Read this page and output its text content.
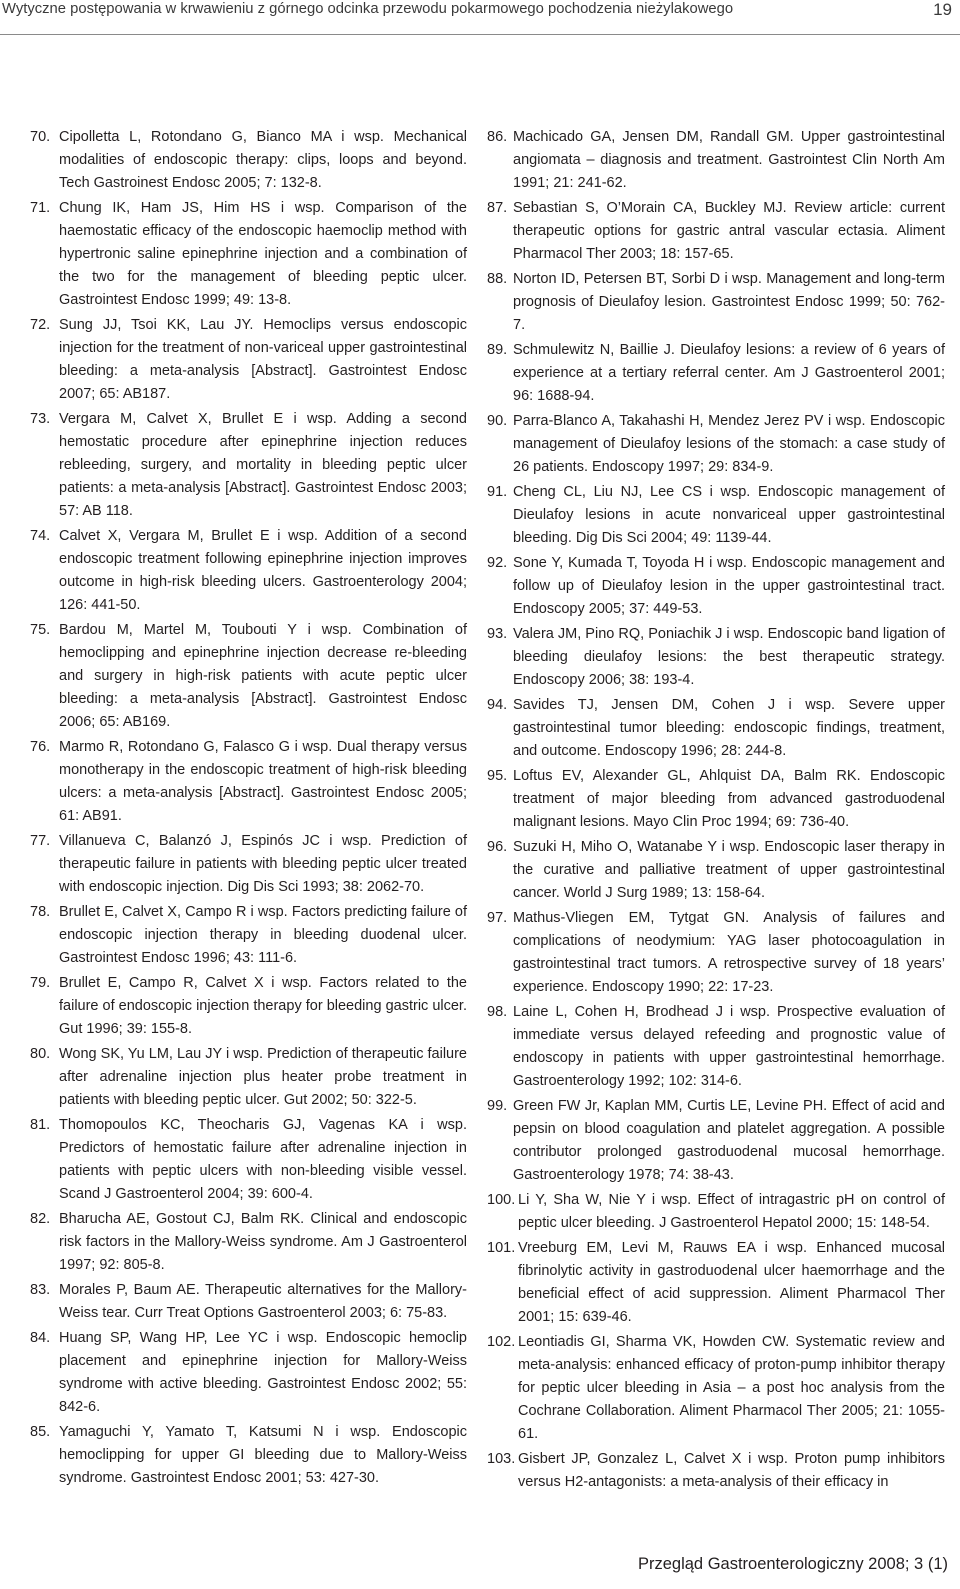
Wytyczne postępowania w krwawieniu z górnego odcinka przewodu pokarmowego pochodzenia nieżylakowego	19
70. Cipolletta L, Rotondano G, Bianco MA i wsp. Mechanical modalities of endoscopic therapy: clips, loops and beyond. Tech Gastroinest Endosc 2005; 7: 132-8.
71. Chung IK, Ham JS, Him HS i wsp. Comparison of the haemostatic efficacy of the endoscopic haemoclip method with hypertronic saline epinephrine injection and a combination of the two for the management of bleeding peptic ulcer. Gastrointest Endosc 1999; 49: 13-8.
72. Sung JJ, Tsoi KK, Lau JY. Hemoclips versus endoscopic injection for the treatment of non-variceal upper gastrointestinal bleeding: a meta-analysis [Abstract]. Gastrointest Endosc 2007; 65: AB187.
73. Vergara M, Calvet X, Brullet E i wsp. Adding a second hemostatic procedure after epinephrine injection reduces rebleeding, surgery, and mortality in bleeding peptic ulcer patients: a meta-analysis [Abstract]. Gastrointest Endosc 2003; 57: AB 118.
74. Calvet X, Vergara M, Brullet E i wsp. Addition of a second endoscopic treatment following epinephrine injection improves outcome in high-risk bleeding ulcers. Gastroenterology 2004; 126: 441-50.
75. Bardou M, Martel M, Toubouti Y i wsp. Combination of hemoclipping and epinephrine injection decrease re-bleeding and surgery in high-risk patients with acute peptic ulcer bleeding: a meta-analysis [Abstract]. Gastrointest Endosc 2006; 65: AB169.
76. Marmo R, Rotondano G, Falasco G i wsp. Dual therapy versus monotherapy in the endoscopic treatment of high-risk bleeding ulcers: a meta-analysis [Abstract]. Gastrointest Endosc 2005; 61: AB91.
77. Villanueva C, Balanzó J, Espinós JC i wsp. Prediction of therapeutic failure in patients with bleeding peptic ulcer treated with endoscopic injection. Dig Dis Sci 1993; 38: 2062-70.
78. Brullet E, Calvet X, Campo R i wsp. Factors predicting failure of endoscopic injection therapy in bleeding duodenal ulcer. Gastrointest Endosc 1996; 43: 111-6.
79. Brullet E, Campo R, Calvet X i wsp. Factors related to the failure of endoscopic injection therapy for bleeding gastric ulcer. Gut 1996; 39: 155-8.
80. Wong SK, Yu LM, Lau JY i wsp. Prediction of therapeutic failure after adrenaline injection plus heater probe treatment in patients with bleeding peptic ulcer. Gut 2002; 50: 322-5.
81. Thomopoulos KC, Theocharis GJ, Vagenas KA i wsp. Predictors of hemostatic failure after adrenaline injection in patients with peptic ulcers with non-bleeding visible vessel. Scand J Gastroenterol 2004; 39: 600-4.
82. Bharucha AE, Gostout CJ, Balm RK. Clinical and endoscopic risk factors in the Mallory-Weiss syndrome. Am J Gastroenterol 1997; 92: 805-8.
83. Morales P, Baum AE. Therapeutic alternatives for the Mallory-Weiss tear. Curr Treat Options Gastroenterol 2003; 6: 75-83.
84. Huang SP, Wang HP, Lee YC i wsp. Endoscopic hemoclip placement and epinephrine injection for Mallory-Weiss syndrome with active bleeding. Gastrointest Endosc 2002; 55: 842-6.
85. Yamaguchi Y, Yamato T, Katsumi N i wsp. Endoscopic hemoclipping for upper GI bleeding due to Mallory-Weiss syndrome. Gastrointest Endosc 2001; 53: 427-30.
86. Machicado GA, Jensen DM, Randall GM. Upper gastrointestinal angiomata – diagnosis and treatment. Gastrointest Clin North Am 1991; 21: 241-62.
87. Sebastian S, O’Morain CA, Buckley MJ. Review article: current therapeutic options for gastric antral vascular ectasia. Aliment Pharmacol Ther 2003; 18: 157-65.
88. Norton ID, Petersen BT, Sorbi D i wsp. Management and long-term prognosis of Dieulafoy lesion. Gastrointest Endosc 1999; 50: 762-7.
89. Schmulewitz N, Baillie J. Dieulafoy lesions: a review of 6 years of experience at a tertiary referral center. Am J Gastroenterol 2001; 96: 1688-94.
90. Parra-Blanco A, Takahashi H, Mendez Jerez PV i wsp. Endoscopic management of Dieulafoy lesions of the stomach: a case study of 26 patients. Endoscopy 1997; 29: 834-9.
91. Cheng CL, Liu NJ, Lee CS i wsp. Endoscopic management of Dieulafoy lesions in acute nonvariceal upper gastrointestinal bleeding. Dig Dis Sci 2004; 49: 1139-44.
92. Sone Y, Kumada T, Toyoda H i wsp. Endoscopic management and follow up of Dieulafoy lesion in the upper gastrointestinal tract. Endoscopy 2005; 37: 449-53.
93. Valera JM, Pino RQ, Poniachik J i wsp. Endoscopic band ligation of bleeding dieulafoy lesions: the best therapeutic strategy. Endoscopy 2006; 38: 193-4.
94. Savides TJ, Jensen DM, Cohen J i wsp. Severe upper gastrointestinal tumor bleeding: endoscopic findings, treatment, and outcome. Endoscopy 1996; 28: 244-8.
95. Loftus EV, Alexander GL, Ahlquist DA, Balm RK. Endoscopic treatment of major bleeding from advanced gastroduodenal malignant lesions. Mayo Clin Proc 1994; 69: 736-40.
96. Suzuki H, Miho O, Watanabe Y i wsp. Endoscopic laser therapy in the curative and palliative treatment of upper gastrointestinal cancer. World J Surg 1989; 13: 158-64.
97. Mathus-Vliegen EM, Tytgat GN. Analysis of failures and complications of neodymium: YAG laser photocoagulation in gastrointestinal tract tumors. A retrospective survey of 18 years’ experience. Endoscopy 1990; 22: 17-23.
98. Laine L, Cohen H, Brodhead J i wsp. Prospective evaluation of immediate versus delayed refeeding and prognostic value of endoscopy in patients with upper gastrointestinal hemorrhage. Gastroenterology 1992; 102: 314-6.
99. Green FW Jr, Kaplan MM, Curtis LE, Levine PH. Effect of acid and pepsin on blood coagulation and platelet aggregation. A possible contributor prolonged gastroduodenal mucosal hemorrhage. Gastroenterology 1978; 74: 38-43.
100. Li Y, Sha W, Nie Y i wsp. Effect of intragastric pH on control of peptic ulcer bleeding. J Gastroenterol Hepatol 2000; 15: 148-54.
101. Vreeburg EM, Levi M, Rauws EA i wsp. Enhanced mucosal fibrinolytic activity in gastroduodenal ulcer haemorrhage and the beneficial effect of acid suppression. Aliment Pharmacol Ther 2001; 15: 639-46.
102. Leontiadis GI, Sharma VK, Howden CW. Systematic review and meta-analysis: enhanced efficacy of proton-pump inhibitor therapy for peptic ulcer bleeding in Asia – a post hoc analysis from the Cochrane Collaboration. Aliment Pharmacol Ther 2005; 21: 1055-61.
103. Gisbert JP, Gonzalez L, Calvet X i wsp. Proton pump inhibitors versus H2-antagonists: a meta-analysis of their efficacy in
Przegląd Gastroenterologiczny 2008; 3 (1)
